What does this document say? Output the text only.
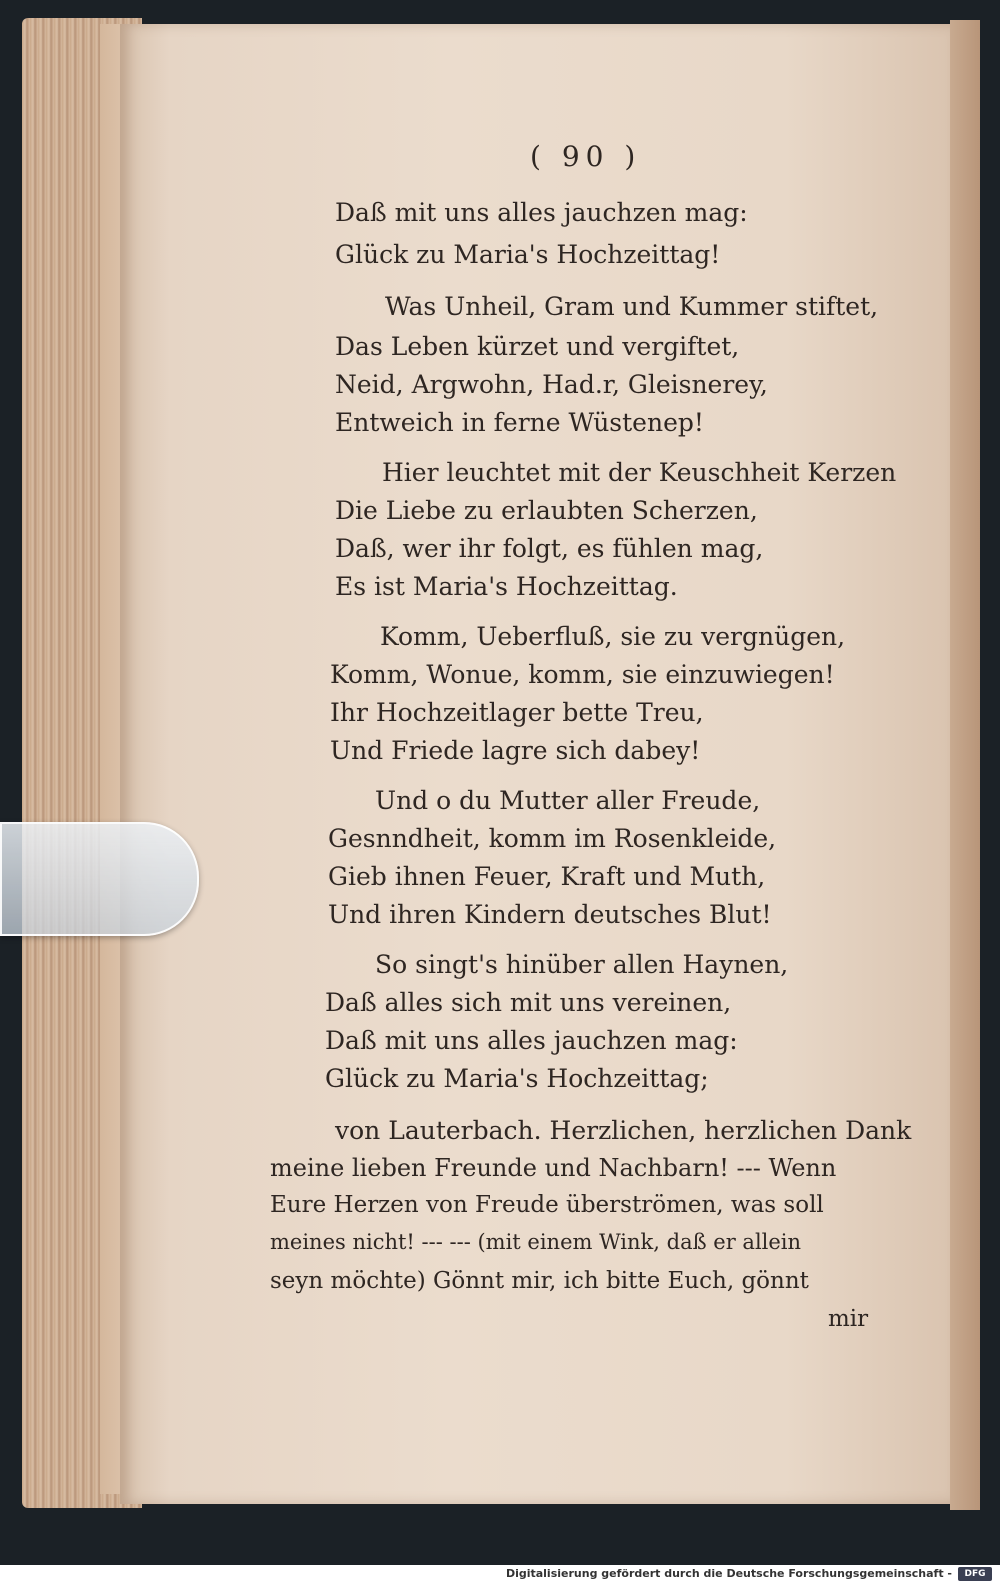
( 90 )
Daß mit uns alles jauchzen mag:
Glück zu Maria's Hochzeittag!
Was Unheil, Gram und Kummer stiftet,
Das Leben kürzet und vergiftet,
Neid, Argwohn, Had.r, Gleisnerey,
Entweich in ferne Wüstenep!
Hier leuchtet mit der Keuschheit Kerzen
Die Liebe zu erlaubten Scherzen,
Daß, wer ihr folgt, es fühlen mag,
Es ist Maria's Hochzeittag.
Komm, Ueberfluß, sie zu vergnügen,
Komm, Wonue, komm, sie einzuwiegen!
Ihr Hochzeitlager bette Treu,
Und Friede lagre sich dabey!
Und o du Mutter aller Freude,
Gesnndheit, komm im Rosenkleide,
Gieb ihnen Feuer, Kraft und Muth,
Und ihren Kindern deutsches Blut!
So singt's hinüber allen Haynen,
Daß alles sich mit uns vereinen,
Daß mit uns alles jauchzen mag:
Glück zu Maria's Hochzeittag;
von Lauterbach. Herzlichen, herzlichen Dank
meine lieben Freunde und Nachbarn! --- Wenn
Eure Herzen von Freude überströmen, was soll
meines nicht! --- --- (mit einem Wink, daß er allein
seyn möchte) Gönnt mir, ich bitte Euch, gönnt
mir
Digitalisierung gefördert durch die Deutsche Forschungsgemeinschaft -	DFG
